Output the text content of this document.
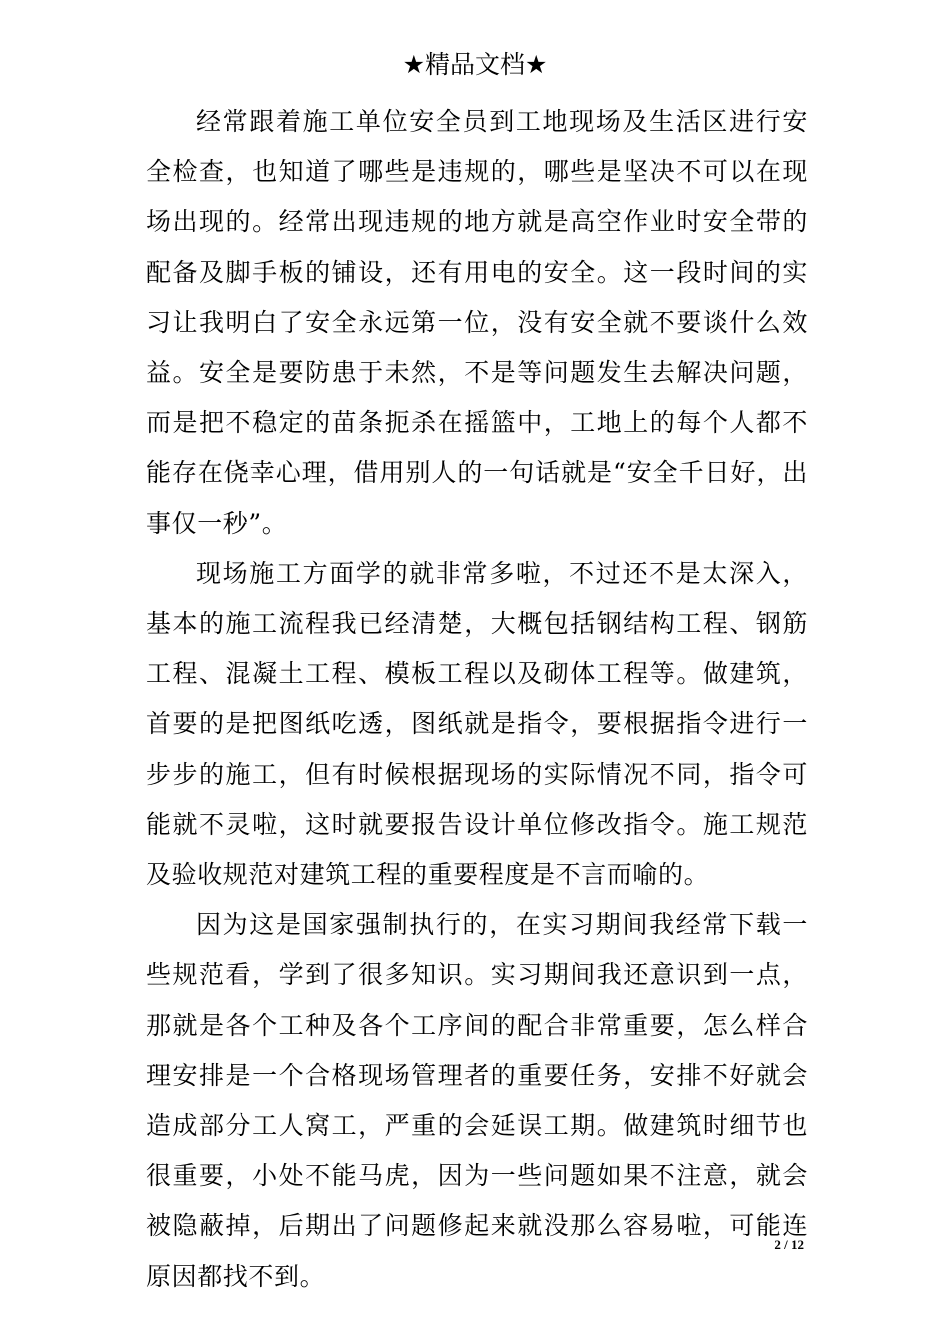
★精品文档★

经常跟着施工单位安全员到工地现场及生活区进行安全检查，也知道了哪些是违规的，哪些是坚决不可以在现场出现的。经常出现违规的地方就是高空作业时安全带的配备及脚手板的铺设，还有用电的安全。这一段时间的实习让我明白了安全永远第一位，没有安全就不要谈什么效益。安全是要防患于未然，不是等问题发生去解决问题，而是把不稳定的苗条扼杀在摇篮中，工地上的每个人都不能存在侥幸心理，借用别人的一句话就是“安全千日好，出事仅一秒”。

现场施工方面学的就非常多啦，不过还不是太深入，基本的施工流程我已经清楚，大概包括钢结构工程、钢筋工程、混凝土工程、模板工程以及砌体工程等。做建筑，首要的是把图纸吃透，图纸就是指令，要根据指令进行一步步的施工，但有时候根据现场的实际情况不同，指令可能就不灵啦，这时就要报告设计单位修改指令。施工规范及验收规范对建筑工程的重要程度是不言而喻的。

因为这是国家强制执行的，在实习期间我经常下载一些规范看，学到了很多知识。实习期间我还意识到一点，那就是各个工种及各个工序间的配合非常重要，怎么样合理安排是一个合格现场管理者的重要任务，安排不好就会造成部分工人窝工，严重的会延误工期。做建筑时细节也很重要，小处不能马虎，因为一些问题如果不注意，就会被隐蔽掉，后期出了问题修起来就没那么容易啦，可能连原因都找不到。

2 / 12
